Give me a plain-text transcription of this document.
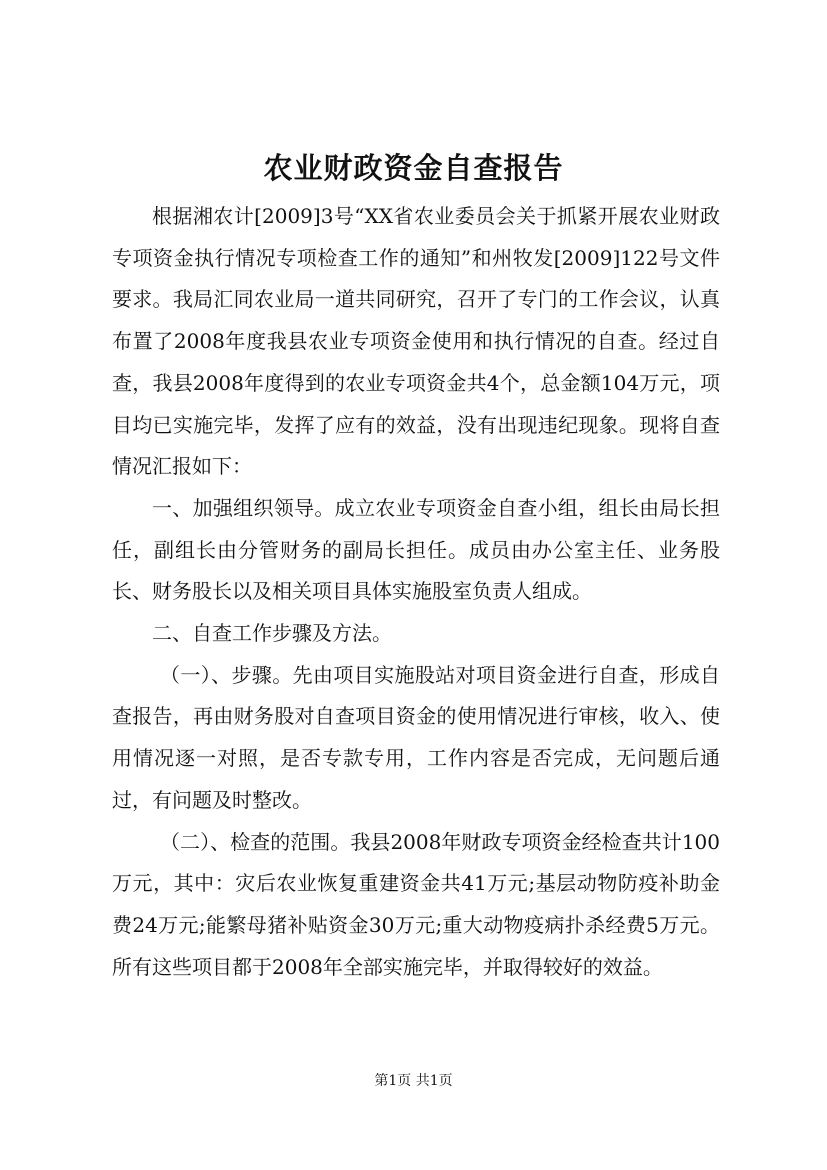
农业财政资金自查报告

根据湘农计[2009]3号“XX省农业委员会关于抓紧开展农业财政专项资金执行情况专项检查工作的通知”和州牧发[2009]122号文件要求。我局汇同农业局一道共同研究，召开了专门的工作会议，认真布置了2008年度我县农业专项资金使用和执行情况的自查。经过自查，我县2008年度得到的农业专项资金共4个，总金额104万元，项目均已实施完毕，发挥了应有的效益，没有出现违纪现象。现将自查情况汇报如下：

一、加强组织领导。成立农业专项资金自查小组，组长由局长担任，副组长由分管财务的副局长担任。成员由办公室主任、业务股长、财务股长以及相关项目具体实施股室负责人组成。

二、自查工作步骤及方法。

（一）、步骤。先由项目实施股站对项目资金进行自查，形成自查报告，再由财务股对自查项目资金的使用情况进行审核，收入、使用情况逐一对照，是否专款专用，工作内容是否完成，无问题后通过，有问题及时整改。

（二）、检查的范围。我县2008年财政专项资金经检查共计100万元，其中：灾后农业恢复重建资金共41万元;基层动物防疫补助金费24万元;能繁母猪补贴资金30万元;重大动物疫病扑杀经费5万元。所有这些项目都于2008年全部实施完毕，并取得较好的效益。

第1页 共1页
